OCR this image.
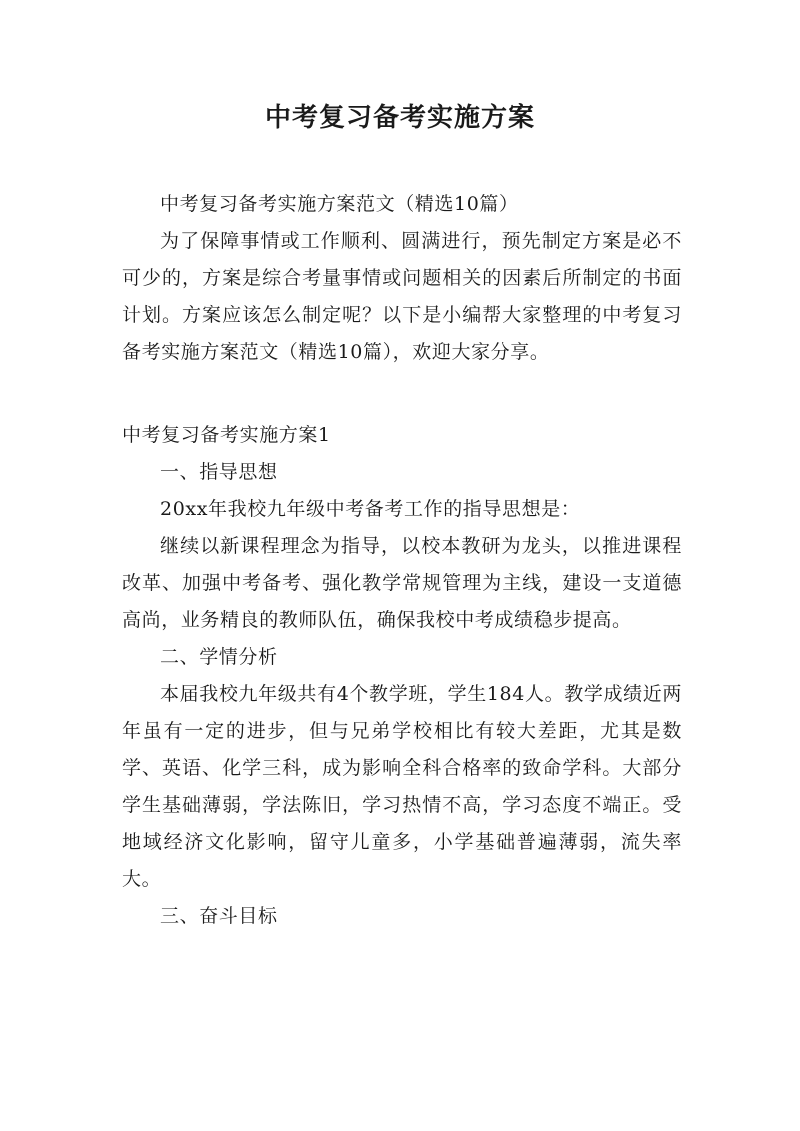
中考复习备考实施方案

中考复习备考实施方案范文（精选10篇）

为了保障事情或工作顺利、圆满进行，预先制定方案是必不可少的，方案是综合考量事情或问题相关的因素后所制定的书面计划。方案应该怎么制定呢？以下是小编帮大家整理的中考复习备考实施方案范文（精选10篇），欢迎大家分享。

中考复习备考实施方案1

一、指导思想

20xx年我校九年级中考备考工作的指导思想是：

继续以新课程理念为指导，以校本教研为龙头，以推进课程改革、加强中考备考、强化教学常规管理为主线，建设一支道德高尚，业务精良的教师队伍，确保我校中考成绩稳步提高。

二、学情分析

本届我校九年级共有4个教学班，学生184人。教学成绩近两年虽有一定的进步，但与兄弟学校相比有较大差距，尤其是数学、英语、化学三科，成为影响全科合格率的致命学科。大部分学生基础薄弱，学法陈旧，学习热情不高，学习态度不端正。受地域经济文化影响，留守儿童多，小学基础普遍薄弱，流失率大。

三、奋斗目标
